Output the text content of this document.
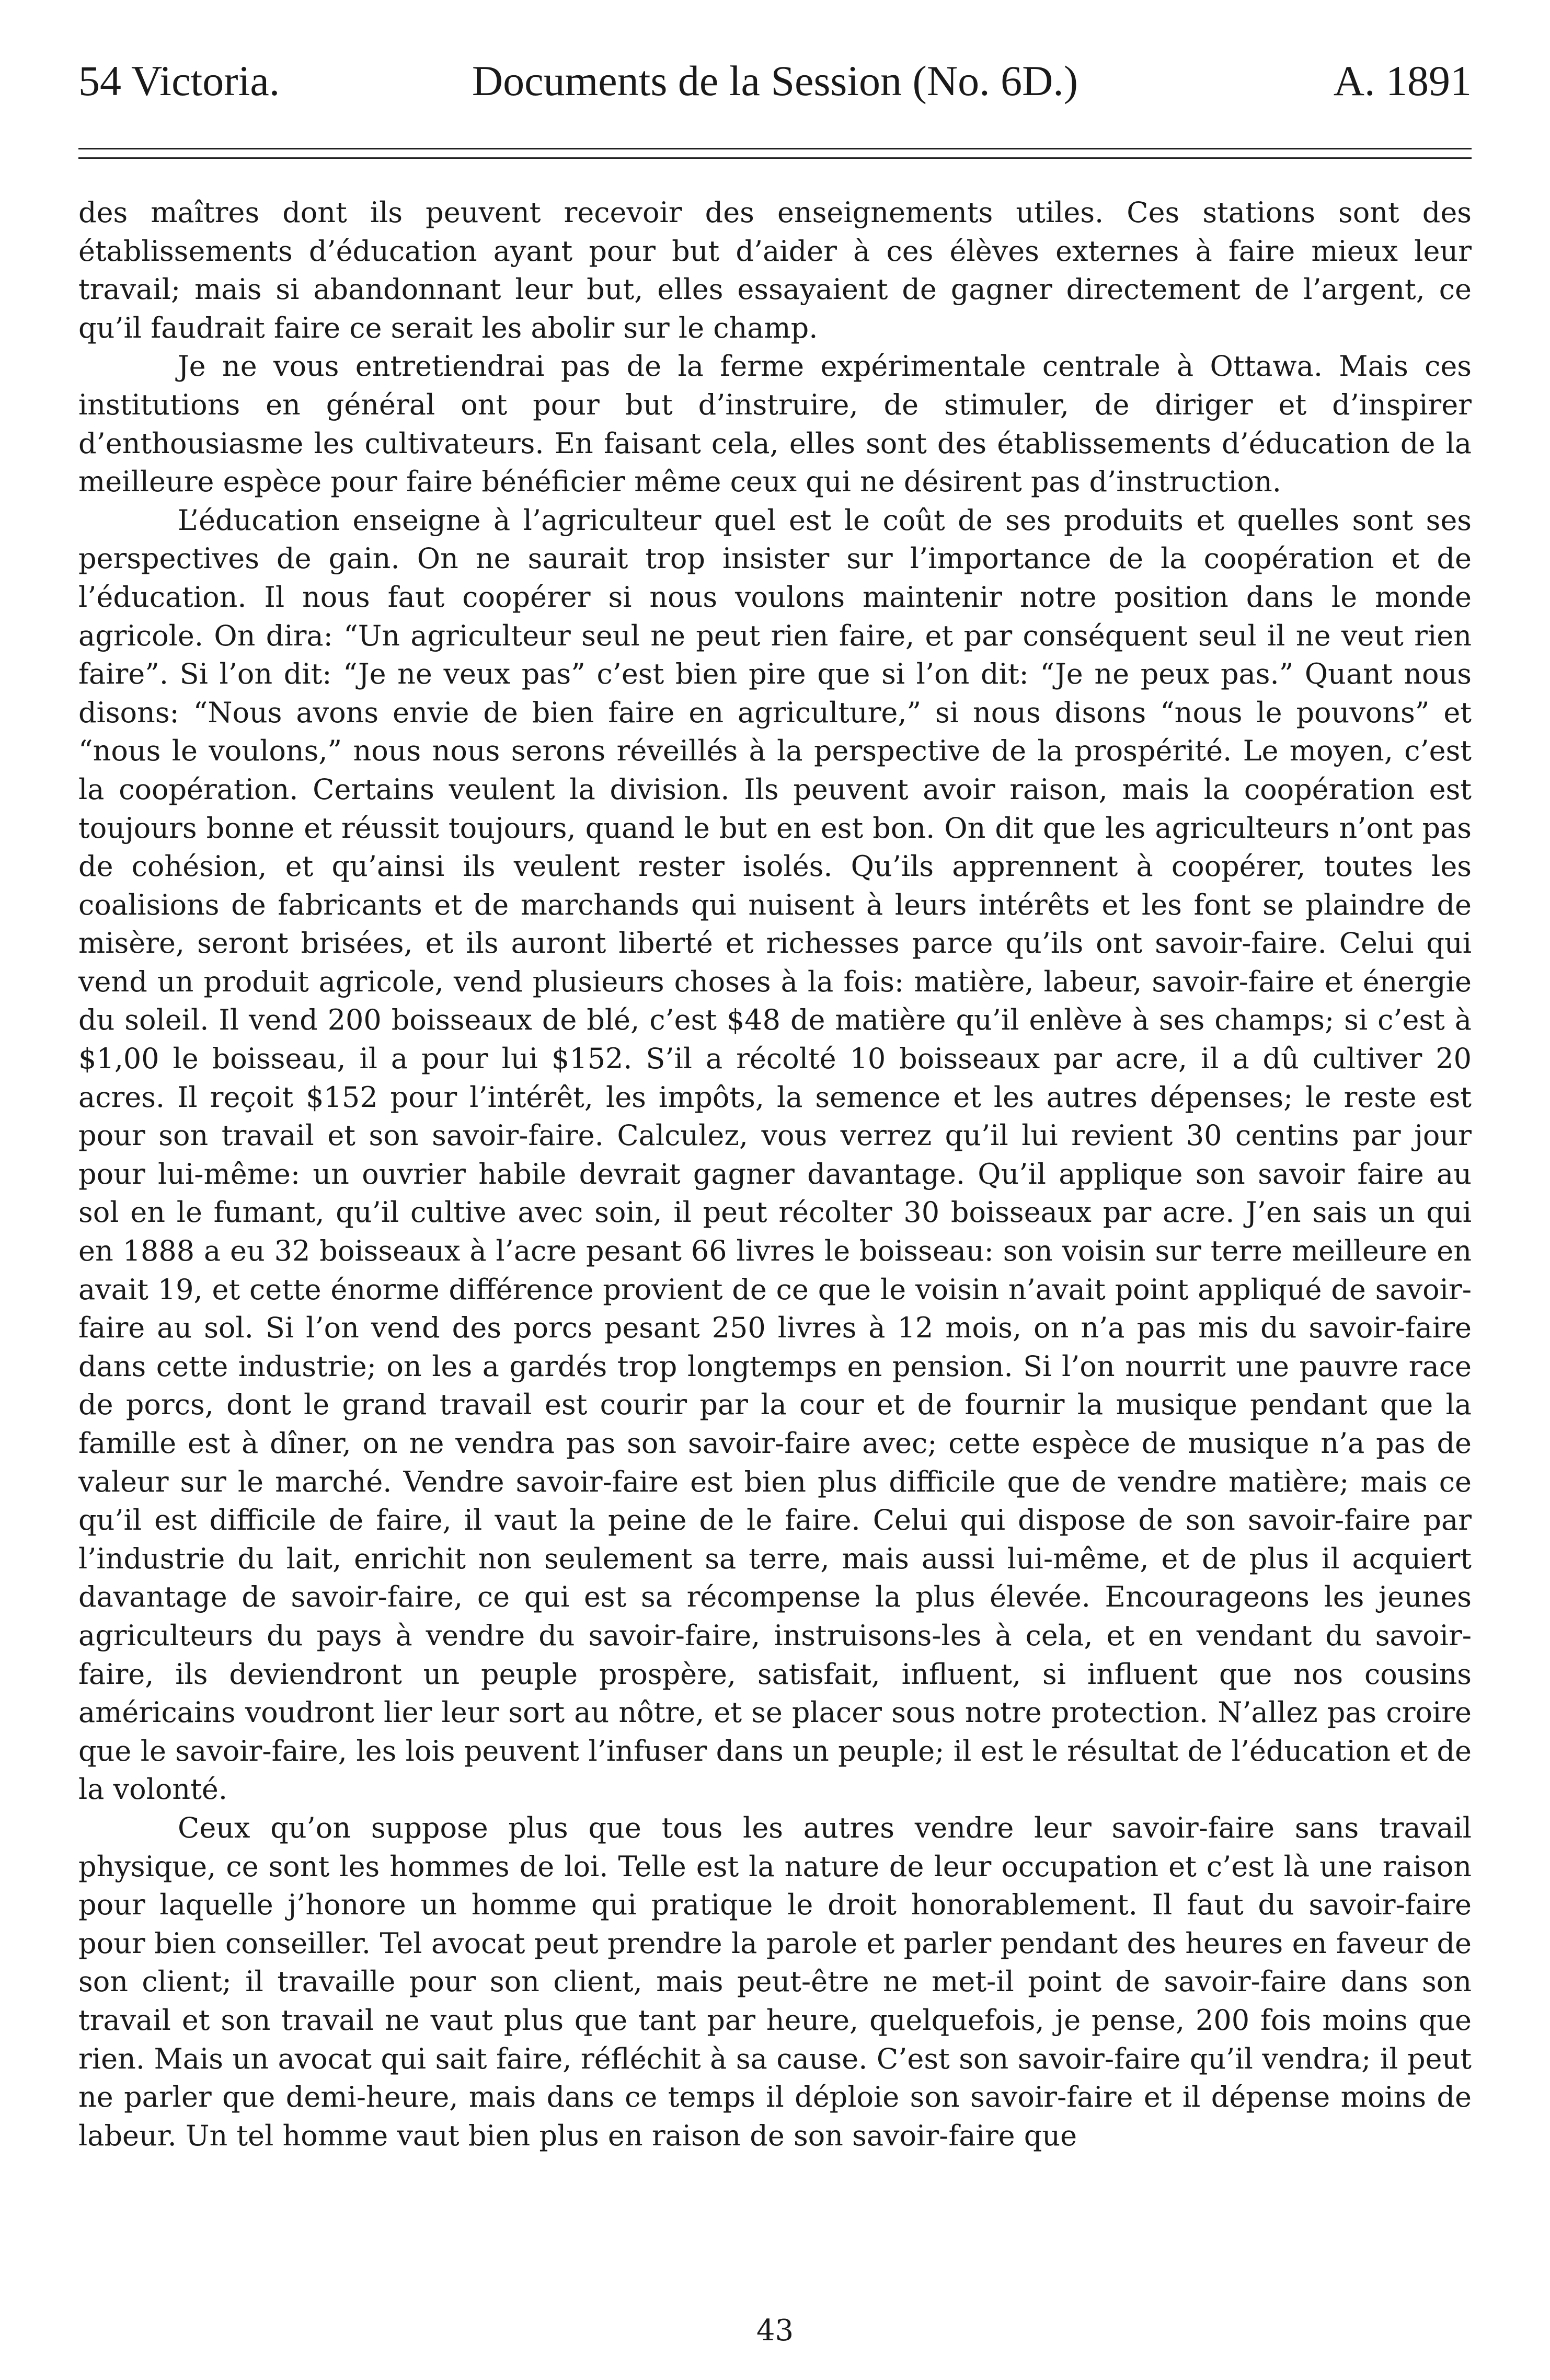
54 Victoria.	Documents de la Session (No. 6D.)	A. 1891

des maîtres dont ils peuvent recevoir des enseignements utiles. Ces stations sont des établissements d’éducation ayant pour but d’aider à ces élèves externes à faire mieux leur travail; mais si abandonnant leur but, elles essayaient de gagner directement de l’argent, ce qu’il faudrait faire ce serait les abolir sur le champ.

Je ne vous entretiendrai pas de la ferme expérimentale centrale à Ottawa. Mais ces institutions en général ont pour but d’instruire, de stimuler, de diriger et d’inspirer d’enthousiasme les cultivateurs. En faisant cela, elles sont des établissements d’éducation de la meilleure espèce pour faire bénéficier même ceux qui ne désirent pas d’instruction.

L’éducation enseigne à l’agriculteur quel est le coût de ses produits et quelles sont ses perspectives de gain. On ne saurait trop insister sur l’importance de la coopération et de l’éducation. Il nous faut coopérer si nous voulons maintenir notre position dans le monde agricole. On dira: “Un agriculteur seul ne peut rien faire, et par conséquent seul il ne veut rien faire”. Si l’on dit: “Je ne veux pas” c’est bien pire que si l’on dit: “Je ne peux pas.” Quant nous disons: “Nous avons envie de bien faire en agriculture,” si nous disons “nous le pouvons” et “nous le voulons,” nous nous serons réveillés à la perspective de la prospérité. Le moyen, c’est la coopération. Certains veulent la division. Ils peuvent avoir raison, mais la coopération est toujours bonne et réussit toujours, quand le but en est bon. On dit que les agriculteurs n’ont pas de cohésion, et qu’ainsi ils veulent rester isolés. Qu’ils apprennent à coopérer, toutes les coalisions de fabricants et de marchands qui nuisent à leurs intérêts et les font se plaindre de misère, seront brisées, et ils auront liberté et richesses parce qu’ils ont savoir-faire. Celui qui vend un produit agricole, vend plusieurs choses à la fois: matière, labeur, savoir-faire et énergie du soleil. Il vend 200 boisseaux de blé, c’est $48 de matière qu’il enlève à ses champs; si c’est à $1,00 le boisseau, il a pour lui $152. S’il a récolté 10 boisseaux par acre, il a dû cultiver 20 acres. Il reçoit $152 pour l’intérêt, les impôts, la semence et les autres dépenses; le reste est pour son travail et son savoir-faire. Calculez, vous verrez qu’il lui revient 30 centins par jour pour lui-même: un ouvrier habile devrait gagner davantage. Qu’il applique son savoir faire au sol en le fumant, qu’il cultive avec soin, il peut récolter 30 boisseaux par acre. J’en sais un qui en 1888 a eu 32 boisseaux à l’acre pesant 66 livres le boisseau: son voisin sur terre meilleure en avait 19, et cette énorme différence provient de ce que le voisin n’avait point appliqué de savoir-faire au sol. Si l’on vend des porcs pesant 250 livres à 12 mois, on n’a pas mis du savoir-faire dans cette industrie; on les a gardés trop longtemps en pension. Si l’on nourrit une pauvre race de porcs, dont le grand travail est courir par la cour et de fournir la musique pendant que la famille est à dîner, on ne vendra pas son savoir-faire avec; cette espèce de musique n’a pas de valeur sur le marché. Vendre savoir-faire est bien plus difficile que de vendre matière; mais ce qu’il est difficile de faire, il vaut la peine de le faire. Celui qui dispose de son savoir-faire par l’industrie du lait, enrichit non seulement sa terre, mais aussi lui-même, et de plus il acquiert davantage de savoir-faire, ce qui est sa récompense la plus élevée. Encourageons les jeunes agriculteurs du pays à vendre du savoir-faire, instruisons-les à cela, et en vendant du savoir-faire, ils deviendront un peuple prospère, satisfait, influent, si influent que nos cousins américains voudront lier leur sort au nôtre, et se placer sous notre protection. N’allez pas croire que le savoir-faire, les lois peuvent l’infuser dans un peuple; il est le résultat de l’éducation et de la volonté.

Ceux qu’on suppose plus que tous les autres vendre leur savoir-faire sans travail physique, ce sont les hommes de loi. Telle est la nature de leur occupation et c’est là une raison pour laquelle j’honore un homme qui pratique le droit honorablement. Il faut du savoir-faire pour bien conseiller. Tel avocat peut prendre la parole et parler pendant des heures en faveur de son client; il travaille pour son client, mais peut-être ne met-il point de savoir-faire dans son travail et son travail ne vaut plus que tant par heure, quelquefois, je pense, 200 fois moins que rien. Mais un avocat qui sait faire, réfléchit à sa cause. C’est son savoir-faire qu’il vendra; il peut ne parler que demi-heure, mais dans ce temps il déploie son savoir-faire et il dépense moins de labeur. Un tel homme vaut bien plus en raison de son savoir-faire que

43
